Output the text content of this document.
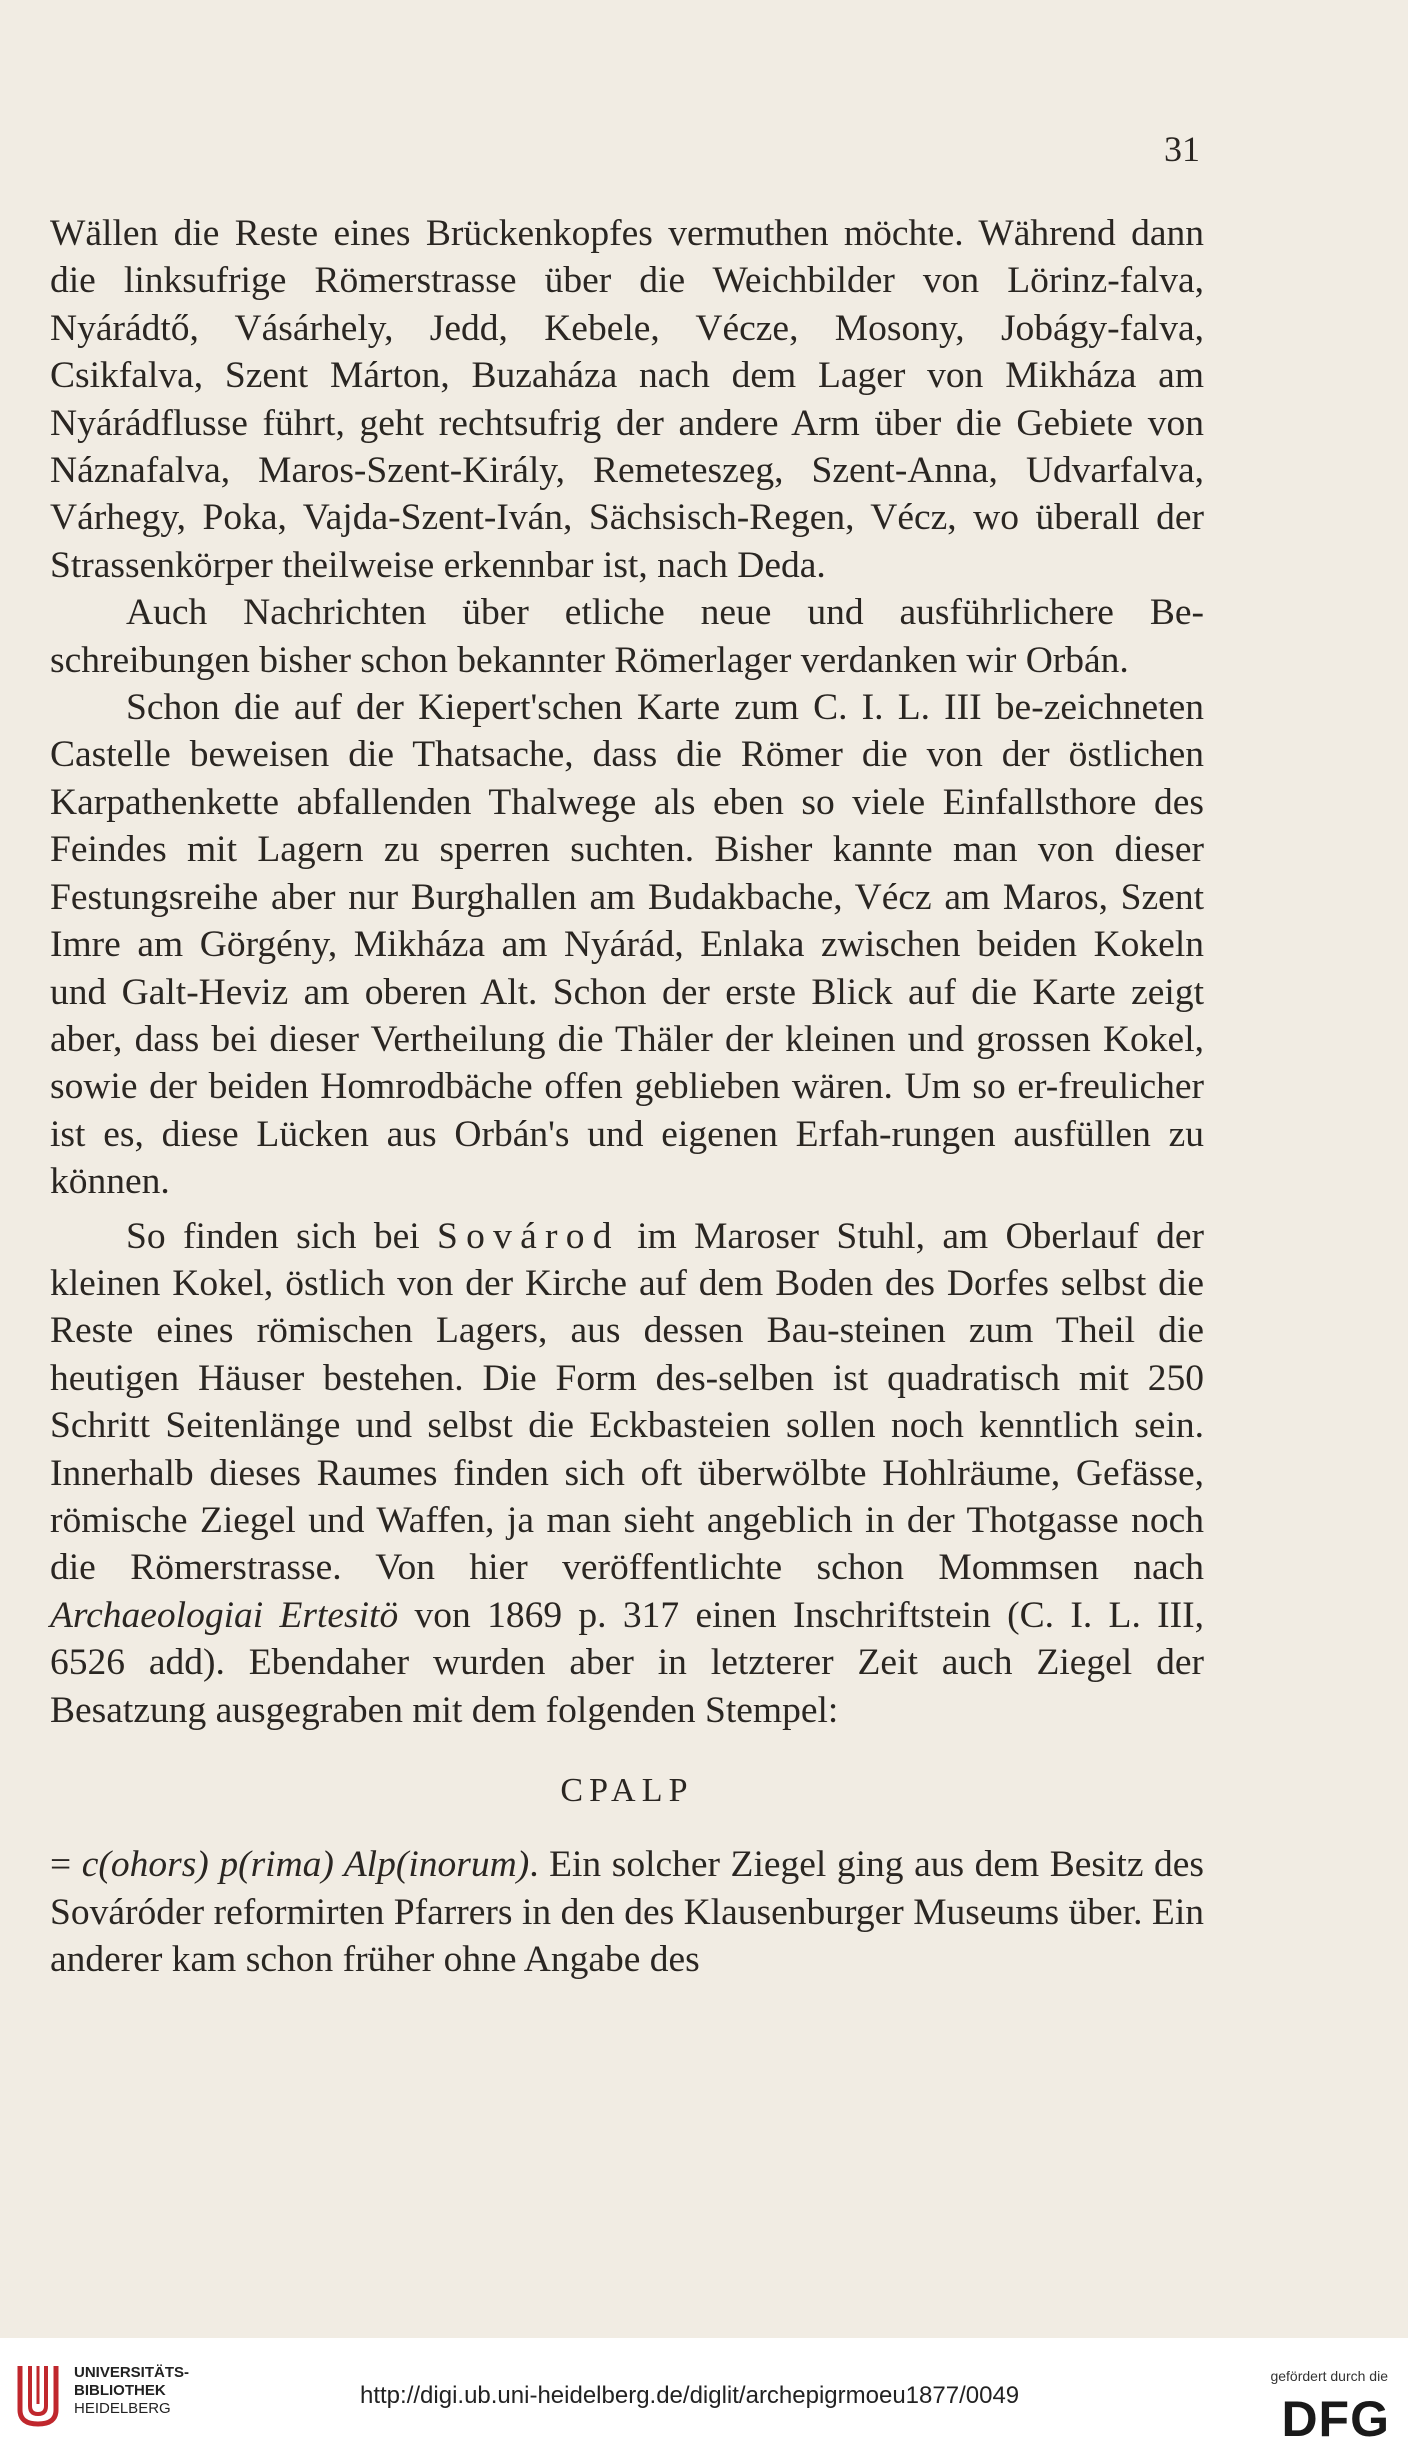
31

Wällen die Reste eines Brückenkopfes vermuthen möchte. Während dann die linksufrige Römerstrasse über die Weichbilder von Lörinz-falva, Nyárádtő, Vásárhely, Jedd, Kebele, Vécze, Mosony, Jobágy-falva, Csikfalva, Szent Márton, Buzaháza nach dem Lager von Mikháza am Nyárádflusse führt, geht rechtsufrig der andere Arm über die Gebiete von Náznafalva, Maros-Szent-Király, Remeteszeg, Szent-Anna, Udvarfalva, Várhegy, Poka, Vajda-Szent-Iván, Sächsisch-Regen, Vécz, wo überall der Strassenkörper theilweise erkennbar ist, nach Deda.

Auch Nachrichten über etliche neue und ausführlichere Be-schreibungen bisher schon bekannter Römerlager verdanken wir Orbán.

Schon die auf der Kiepert'schen Karte zum C. I. L. III be-zeichneten Castelle beweisen die Thatsache, dass die Römer die von der östlichen Karpathenkette abfallenden Thalwege als eben so viele Einfallsthore des Feindes mit Lagern zu sperren suchten. Bisher kannte man von dieser Festungsreihe aber nur Burghallen am Budakbache, Vécz am Maros, Szent Imre am Görgény, Mikháza am Nyárád, Enlaka zwischen beiden Kokeln und Galt-Heviz am oberen Alt. Schon der erste Blick auf die Karte zeigt aber, dass bei dieser Vertheilung die Thäler der kleinen und grossen Kokel, sowie der beiden Homrodbäche offen geblieben wären. Um so er-freulicher ist es, diese Lücken aus Orbán's und eigenen Erfah-rungen ausfüllen zu können.

So finden sich bei Sovárod im Maroser Stuhl, am Oberlauf der kleinen Kokel, östlich von der Kirche auf dem Boden des Dorfes selbst die Reste eines römischen Lagers, aus dessen Bau-steinen zum Theil die heutigen Häuser bestehen. Die Form des-selben ist quadratisch mit 250 Schritt Seitenlänge und selbst die Eckbasteien sollen noch kenntlich sein. Innerhalb dieses Raumes finden sich oft überwölbte Hohlräume, Gefässe, römische Ziegel und Waffen, ja man sieht angeblich in der Thotgasse noch die Römerstrasse. Von hier veröffentlichte schon Mommsen nach Archaeologiai Ertesitö von 1869 p. 317 einen Inschriftstein (C. I. L. III, 6526 add). Ebendaher wurden aber in letzterer Zeit auch Ziegel der Besatzung ausgegraben mit dem folgenden Stempel:

CPALP

= c(ohors) p(rima) Alp(inorum). Ein solcher Ziegel ging aus dem Besitz des Sováróder reformirten Pfarrers in den des Klausenburger Museums über. Ein anderer kam schon früher ohne Angabe des

UNIVERSITÄTS-
BIBLIOTHEK
HEIDELBERG	http://digi.ub.uni-heidelberg.de/diglit/archepigrmoeu1877/0049
gefördert durch die
DFG
